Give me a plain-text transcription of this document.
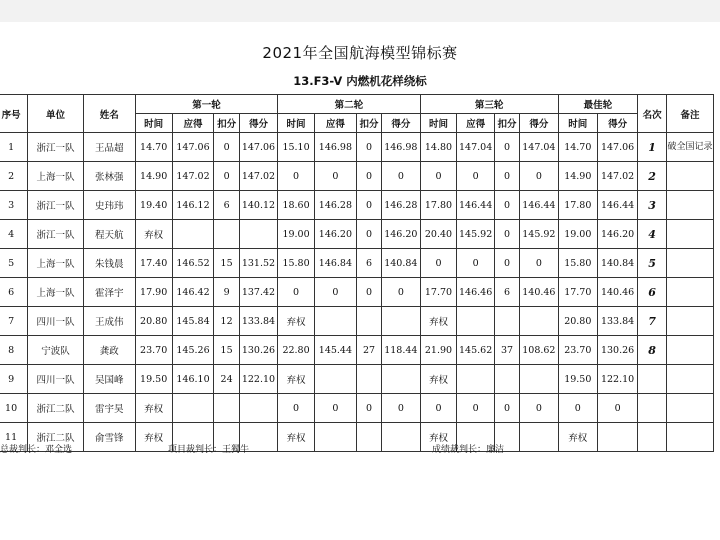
2021年全国航海模型锦标赛
13.F3-V 内燃机花样绕标
序号	单位	姓名	第一轮				第二轮				第三轮				最佳轮		名次	备注
			时间	应得	扣分	得分	时间	应得	扣分	得分	时间	应得	扣分	得分	时间	得分		
1	浙江一队	王品超	14.70	147.06	0	147.06	15.10	146.98	0	146.98	14.80	147.04	0	147.04	14.70	147.06	1	破全国记录
2	上海一队	张林强	14.90	147.02	0	147.02	0	0	0	0	0	0	0	0	14.90	147.02	2	
3	浙江一队	史玮玮	19.40	146.12	6	140.12	18.60	146.28	0	146.28	17.80	146.44	0	146.44	17.80	146.44	3	
4	浙江一队	程天航	弃权				19.00	146.20	0	146.20	20.40	145.92	0	145.92	19.00	146.20	4	
5	上海一队	朱钱晨	17.40	146.52	15	131.52	15.80	146.84	6	140.84	0	0	0	0	15.80	140.84	5	
6	上海一队	霍泽宇	17.90	146.42	9	137.42	0	0	0	0	17.70	146.46	6	140.46	17.70	140.46	6	
7	四川一队	王成伟	20.80	145.84	12	133.84	弃权				弃权				20.80	133.84	7	
8	宁波队	龚政	23.70	145.26	15	130.26	22.80	145.44	27	118.44	21.90	145.62	37	108.62	23.70	130.26	8	
9	四川一队	吴国峰	19.50	146.10	24	122.10	弃权				弃权				19.50	122.10		
10	浙江二队	雷宇昊	弃权				0	0	0	0	0	0	0	0	0	0		
11	浙江二队	俞雪锋	弃权				弃权				弃权				弃权			
总裁判长：邓全选	项目裁判长：王獨牛	成绩裁判长：廉洁
